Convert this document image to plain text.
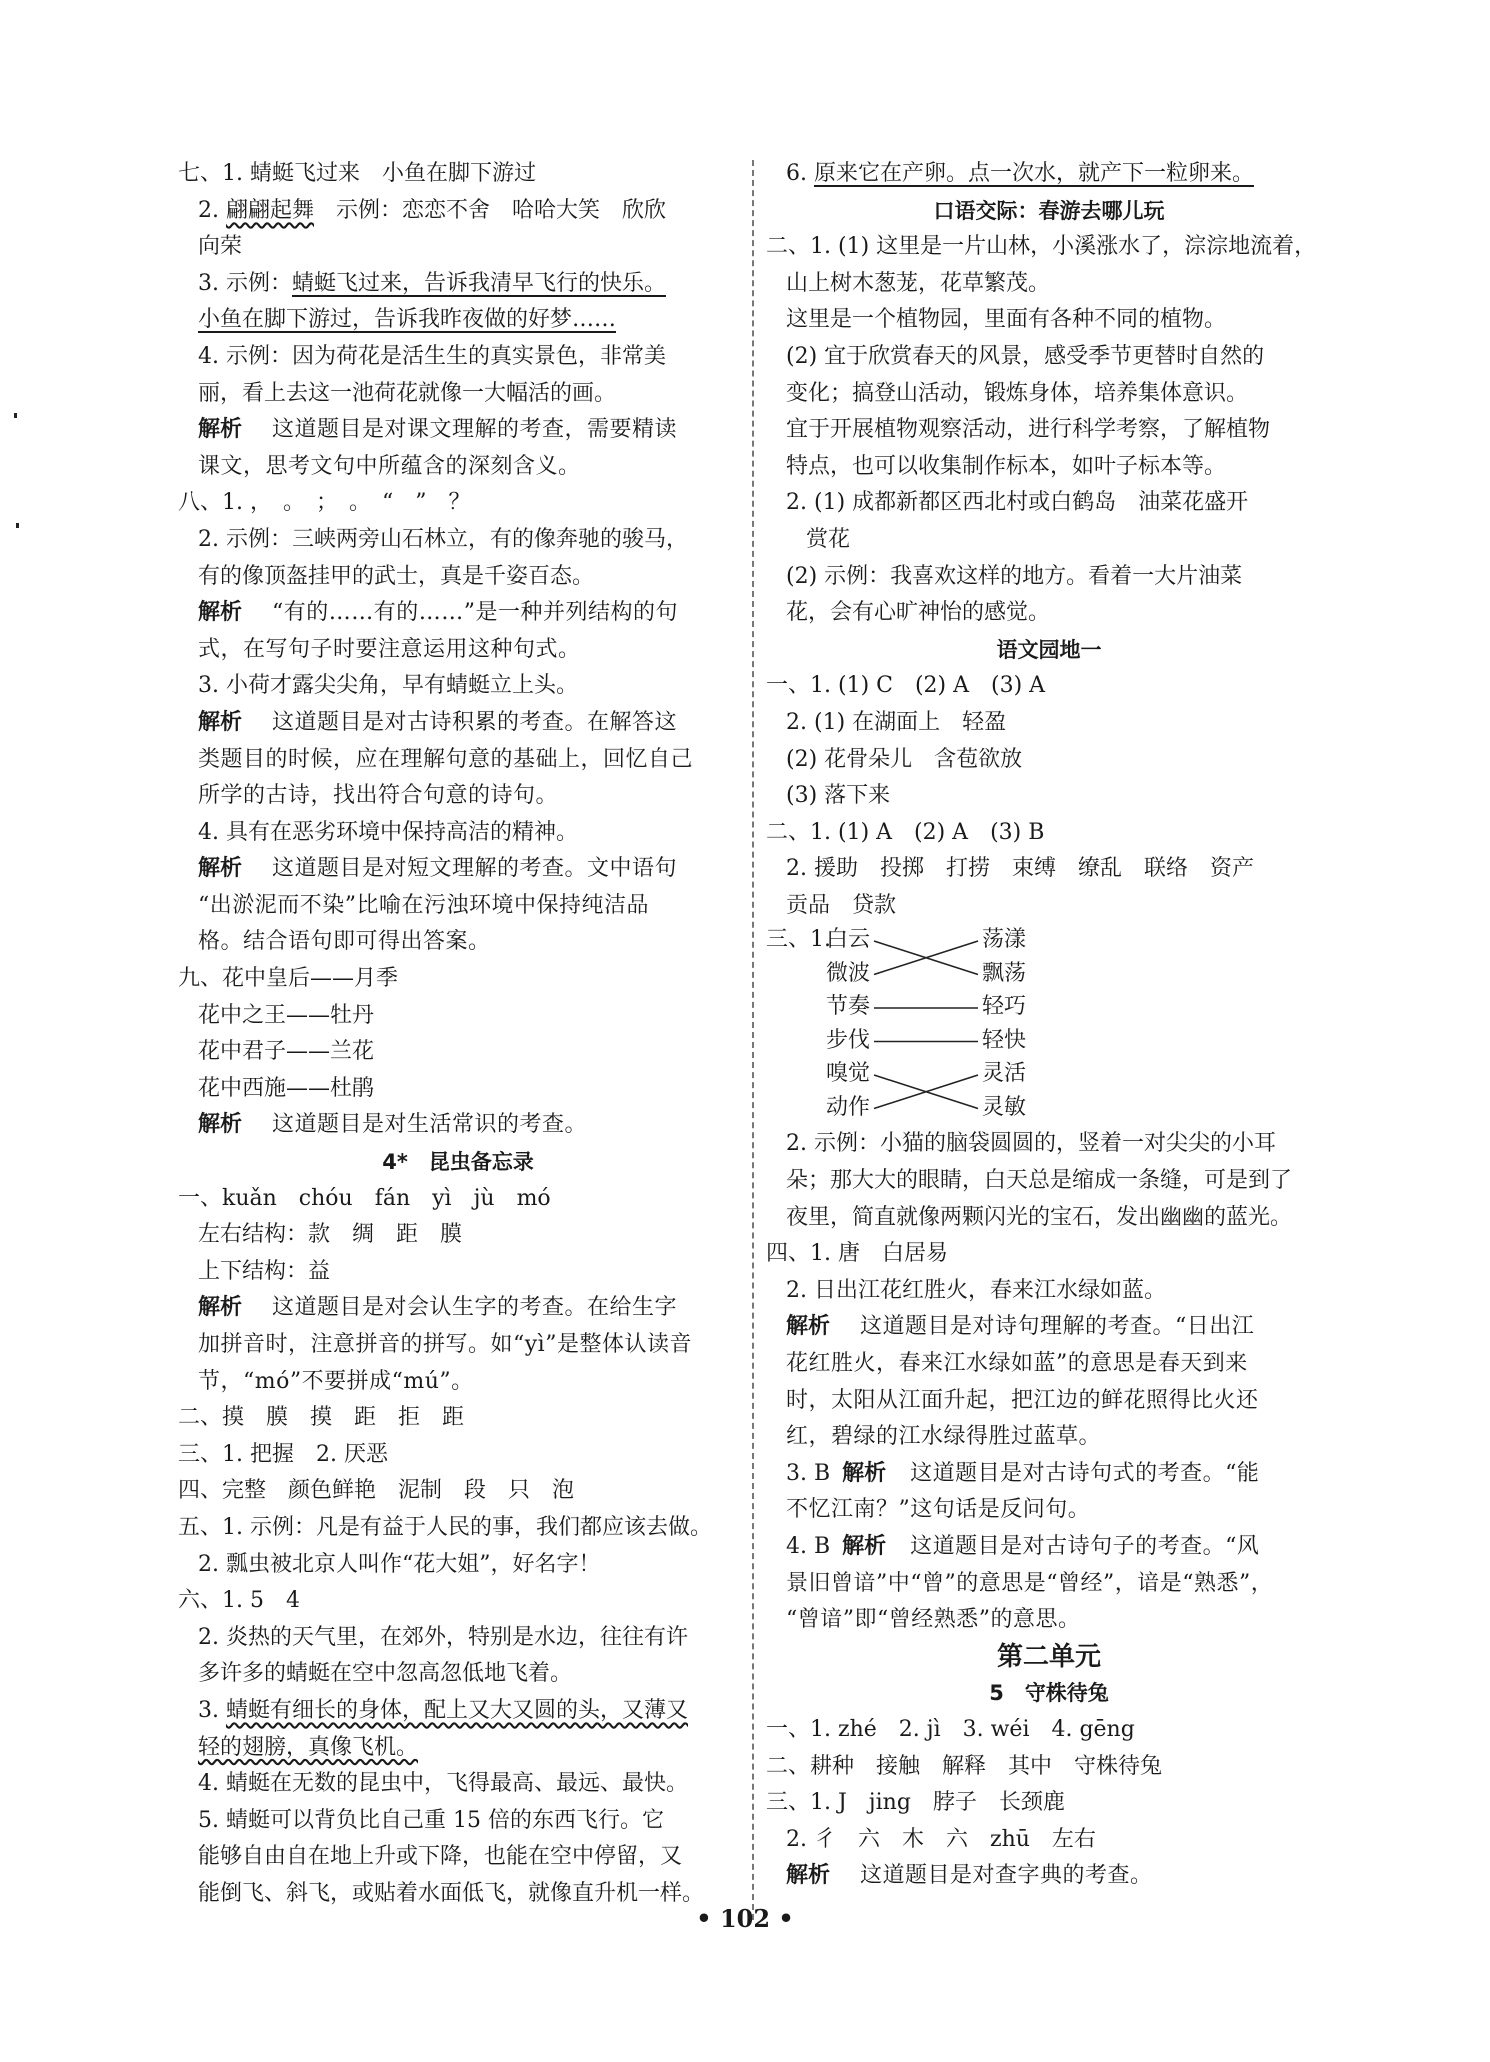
七、1. 蜻蜓飞过来　小鱼在脚下游过
2. 翩翩起舞　示例：恋恋不舍　哈哈大笑　欣欣
向荣
3. 示例：蜻蜓飞过来，告诉我清早飞行的快乐。
小鱼在脚下游过，告诉我昨夜做的好梦……
4. 示例：因为荷花是活生生的真实景色，非常美
丽，看上去这一池荷花就像一大幅活的画。
解析 这道题目是对课文理解的考查，需要精读
课文，思考文句中所蕴含的深刻含义。
八、1. ，　。　；　。　“　”　？
2. 示例：三峡两旁山石林立，有的像奔驰的骏马，
有的像顶盔挂甲的武士，真是千姿百态。
解析 “有的……有的……”是一种并列结构的句
式，在写句子时要注意运用这种句式。
3. 小荷才露尖尖角，早有蜻蜓立上头。
解析 这道题目是对古诗积累的考查。在解答这
类题目的时候，应在理解句意的基础上，回忆自己
所学的古诗，找出符合句意的诗句。
4. 具有在恶劣环境中保持高洁的精神。
解析 这道题目是对短文理解的考查。文中语句
“出淤泥而不染”比喻在污浊环境中保持纯洁品
格。结合语句即可得出答案。
九、花中皇后——月季
花中之王——牡丹
花中君子——兰花
花中西施——杜鹃
解析 这道题目是对生活常识的考查。
4*　昆虫备忘录
一、kuǎn　chóu　fán　yì　jù　mó
左右结构：款　绸　距　膜
上下结构：益
解析 这道题目是对会认生字的考查。在给生字
加拼音时，注意拼音的拼写。如“yì”是整体认读音
节，“mó”不要拼成“mú”。
二、摸　膜　摸　距　拒　距
三、1. 把握　2. 厌恶
四、完整　颜色鲜艳　泥制　段　只　泡
五、1. 示例：凡是有益于人民的事，我们都应该去做。
2. 瓢虫被北京人叫作“花大姐”，好名字！
六、1. 5　4
2. 炎热的天气里，在郊外，特别是水边，往往有许
多许多的蜻蜓在空中忽高忽低地飞着。
3. 蜻蜓有细长的身体，配上又大又圆的头，又薄又
轻的翅膀，真像飞机。
4. 蜻蜓在无数的昆虫中，飞得最高、最远、最快。
5. 蜻蜓可以背负比自己重 15 倍的东西飞行。它
能够自由自在地上升或下降，也能在空中停留，又
能倒飞、斜飞，或贴着水面低飞，就像直升机一样。
6. 原来它在产卵。点一次水，就产下一粒卵来。
口语交际：春游去哪儿玩
二、1. (1) 这里是一片山林，小溪涨水了，淙淙地流着，
山上树木葱茏，花草繁茂。
这里是一个植物园，里面有各种不同的植物。
(2) 宜于欣赏春天的风景，感受季节更替时自然的
变化；搞登山活动，锻炼身体，培养集体意识。
宜于开展植物观察活动，进行科学考察，了解植物
特点，也可以收集制作标本，如叶子标本等。
2. (1) 成都新都区西北村或白鹤岛　油菜花盛开
赏花
(2) 示例：我喜欢这样的地方。看着一大片油菜
花，会有心旷神怡的感觉。
语文园地一
一、1. (1) C　(2) A　(3) A
2. (1) 在湖面上　轻盈
(2) 花骨朵儿　含苞欲放
(3) 落下来
二、1. (1) A　(2) A　(3) B
2. 援助　投掷　打捞　束缚　缭乱　联络　资产
贡品　贷款
三、1.
白云
微波
节奏
步伐
嗅觉
动作
荡漾
飘荡
轻巧
轻快
灵活
灵敏
2. 示例：小猫的脑袋圆圆的，竖着一对尖尖的小耳
朵；那大大的眼睛，白天总是缩成一条缝，可是到了
夜里，简直就像两颗闪光的宝石，发出幽幽的蓝光。
四、1. 唐　白居易
2. 日出江花红胜火，春来江水绿如蓝。
解析 这道题目是对诗句理解的考查。“日出江
花红胜火，春来江水绿如蓝”的意思是春天到来
时，太阳从江面升起，把江边的鲜花照得比火还
红，碧绿的江水绿得胜过蓝草。
3. B 解析 这道题目是对古诗句式的考查。“能
不忆江南？”这句话是反问句。
4. B 解析 这道题目是对古诗句子的考查。“风
景旧曾谙”中“曾”的意思是“曾经”，谙是“熟悉”，
“曾谙”即“曾经熟悉”的意思。
第二单元
5　守株待兔
一、1. zhé　2. jì　3. wéi　4. gēng
二、耕种　接触　解释　其中　守株待兔
三、1. J　jing　脖子　长颈鹿
2. 彳　六　木　六　zhū　左右
解析 这道题目是对查字典的考查。
• 102 •
